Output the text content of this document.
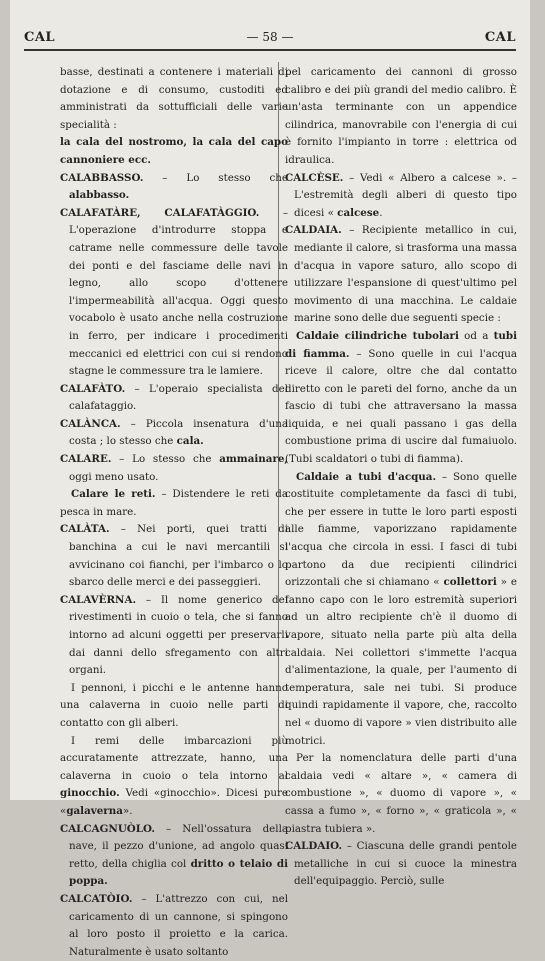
CAL	— 58 —	CAL

basse, destinati a contenere i materiali di dotazione e di consumo, custoditi ed amministrati da sottufficiali delle varie specialità :

la cala del nostromo, la cala del capo cannoniere ecc.

CALABBASSO. – Lo stesso che alabbasso.

CALAFATÀRE, CALAFATÀGGIO. – L'operazione d'introdurre stoppa e catrame nelle commessure delle tavole dei ponti e del fasciame delle navi in legno, allo scopo d'ottenere l'impermeabilità all'acqua. Oggi questo vocabolo è usato anche nella costruzione in ferro, per indicare i procedimenti meccanici ed elettrici con cui si rendono stagne le commessure tra le lamiere.

CALAFÀTO. – L'operaio specialista del calafataggio.

CALÀNCA. – Piccola insenatura d'una costa ; lo stesso che cala.

CALARE. – Lo stesso che ammainare, oggi meno usato.

Calare le reti. – Distendere le reti da pesca in mare.

CALÀTA. – Nei porti, quei tratti di banchina a cui le navi mercantili si avvicinano coi fianchi, per l'imbarco o lo sbarco delle merci e dei passeggieri.

CALAVÈRNA. – Il nome generico dei rivestimenti in cuoio o tela, che si fanno intorno ad alcuni oggetti per preservarli dai danni dello sfregamento con altri organi.

I pennoni, i picchi e le antenne hanno una calaverna in cuoio nelle parti di contatto con gli alberi.

I remi delle imbarcazioni più accuratamente attrezzate, hanno, una calaverna in cuoio o tela intorno al ginocchio. Vedi «ginocchio». Dicesi pure «galaverna».

CALCAGNUÒLO. – Nell'ossatura della nave, il pezzo d'unione, ad angolo quasi retto, della chiglia col dritto o telaio di poppa.

CALCATÒIO. – L'attrezzo con cui, nel caricamento di un cannone, si spingono al loro posto il proietto e la carica. Naturalmente è usato soltanto

pel caricamento dei cannoni di grosso calibro e dei più grandi del medio calibro. È un'asta terminante con un appendice cilindrica, manovrabile con l'energia di cui è fornito l'impianto in torre : elettrica od idraulica.

CALCÈSE. – Vedi « Albero a calcese ». – L'estremità degli alberi di questo tipo dicesi « calcese.

CALDAIA. – Recipiente metallico in cui, mediante il calore, si trasforma una massa d'acqua in vapore saturo, allo scopo di utilizzare l'espansione di quest'ultimo pel movimento di una macchina. Le caldaie marine sono delle due seguenti specie :

Caldaie cilindriche tubolari od a tubi di fiamma. – Sono quelle in cui l'acqua riceve il calore, oltre che dal contatto diretto con le pareti del forno, anche da un fascio di tubi che attraversano la massa liquida, e nei quali passano i gas della combustione prima di uscire dal fumaiuolo. (Tubi scaldatori o tubi di fiamma).

Caldaie a tubi d'acqua. – Sono quelle costituite completamente da fasci di tubi, che per essere in tutte le loro parti esposti alle fiamme, vaporizzano rapidamente l'acqua che circola in essi. I fasci di tubi partono da due recipienti cilindrici orizzontali che si chiamano « collettori » e fanno capo con le loro estremità superiori ad un altro recipiente ch'è il duomo di vapore, situato nella parte più alta della caldaia. Nei collettori s'immette l'acqua d'alimentazione, la quale, per l'aumento di temperatura, sale nei tubi. Si produce quindi rapidamente il vapore, che, raccolto nel « duomo di vapore » vien distribuito alle motrici.

Per la nomenclatura delle parti d'una caldaia vedi « altare », « camera di combustione », « duomo di vapore », « cassa a fumo », « forno », « graticola », « piastra tubiera ».

CALDAIO. – Ciascuna delle grandi pentole metalliche in cui si cuoce la minestra dell'equipaggio. Perciò, sulle
